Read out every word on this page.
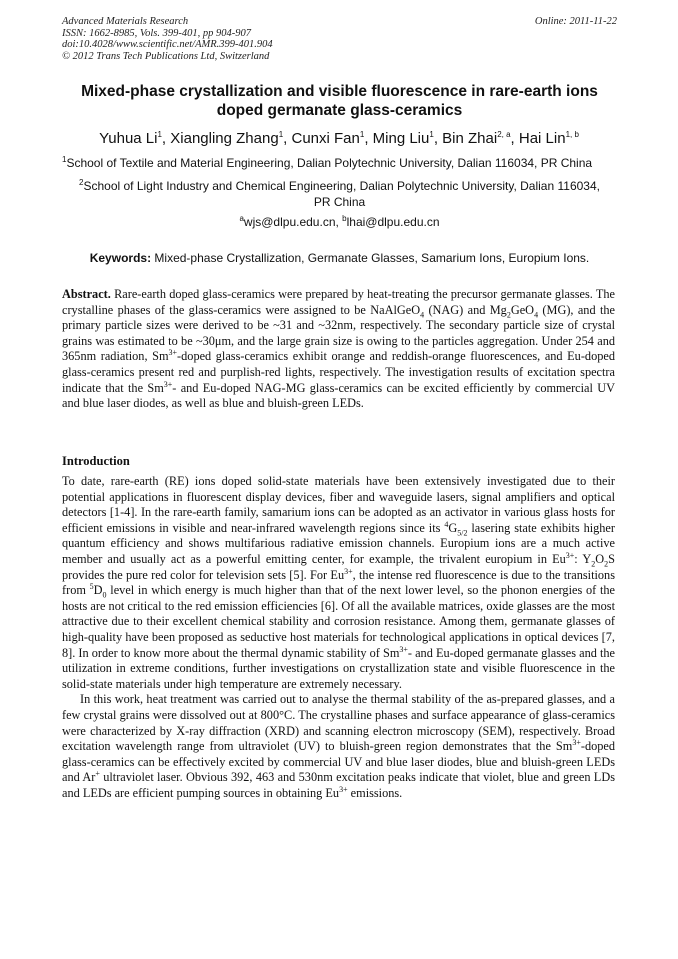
Advanced Materials Research
ISSN: 1662-8985, Vols. 399-401, pp 904-907
doi:10.4028/www.scientific.net/AMR.399-401.904
© 2012 Trans Tech Publications Ltd, Switzerland
Online: 2011-11-22
Mixed-phase crystallization and visible fluorescence in rare-earth ions
doped germanate glass-ceramics
Yuhua Li$^1$, Xiangling Zhang$^1$, Cunxi Fan$^1$, Ming Liu$^1$, Bin Zhai$^{2, a}$, Hai Lin$^{1, b}$
$^1$School of Textile and Material Engineering, Dalian Polytechnic University, Dalian 116034, PR China
$^2$School of Light Industry and Chemical Engineering, Dalian Polytechnic University, Dalian 116034,
PR China
$^a$wjs@dlpu.edu.cn, $^b$lhai@dlpu.edu.cn
Keywords: Mixed-phase Crystallization, Germanate Glasses, Samarium Ions, Europium Ions.
Abstract. Rare-earth doped glass-ceramics were prepared by heat-treating the precursor germanate glasses. The crystalline phases of the glass-ceramics were assigned to be NaAlGeO$_4$ (NAG) and $Mg_2GeO_4$ (MG), and the primary particle sizes were derived to be ~31 and ~32nm, respectively. The secondary particle size of crystal grains was estimated to be ~30μm, and the large grain size is owing to the particles aggregation. Under 254 and 365nm radiation, $Sm^{3+}$-doped glass-ceramics exhibit orange and reddish-orange fluorescences, and Eu-doped glass-ceramics present red and purplish-red lights, respectively. The investigation results of excitation spectra indicate that the $Sm^{3+}-$ and Eu-doped NAG-MG glass-ceramics can be excited efficiently by commercial UV and blue laser diodes, as well as blue and bluish-green LEDs.
Introduction

To date, rare-earth (RE) ions doped solid-state materials have been extensively investigated due to their potential applications in fluorescent display devices, fiber and waveguide lasers, signal amplifiers and optical detectors [1-4]. In the rare-earth family, samarium ions can be adopted as an activator in various glass hosts for efficient emissions in visible and near-infrared wavelength regions since its $^4G_{5/2}$ lasering state exhibits higher quantum efficiency and shows multifarious radiative emission channels. Europium ions are a much active member and usually act as a powerful emitting center, for example, the trivalent europium in $Eu^{3+}$: $Y_2O_2S$ provides the pure red color for television sets [5]. For $Eu^{3+}$, the intense red fluorescence is due to the transitions from $^5D_0$ level in which energy is much higher than that of the next lower level, so the phonon energies of the hosts are not critical to the red emission efficiencies [6]. Of all the available matrices, oxide glasses are the most attractive due to their excellent chemical stability and corrosion resistance. Among them, germanate glasses of high-quality have been proposed as seductive host materials for technological applications in optical devices [7, 8]. In order to know more about the thermal dynamic stability of $Sm^{3+}-$ and Eu-doped germanate glasses and the utilization in extreme conditions, further investigations on crystallization state and visible fluorescence in the solid-state materials under high temperature are extremely necessary.

In this work, heat treatment was carried out to analyse the thermal stability of the as-prepared glasses, and a few crystal grains were dissolved out at 800°C. The crystalline phases and surface appearance of glass-ceramics were characterized by X-ray diffraction (XRD) and scanning electron microscopy (SEM), respectively. Broad excitation wavelength range from ultraviolet (UV) to bluish-green region demonstrates that the $Sm^{3+}$-doped glass-ceramics can be effectively excited by commercial UV and blue laser diodes, blue and bluish-green LEDs and Ar+ ultraviolet laser. Obvious 392, 463 and 530nm excitation peaks indicate that violet, blue and green LDs and LEDs are efficient pumping sources in obtaining $Eu^{3+}$ emissions.
